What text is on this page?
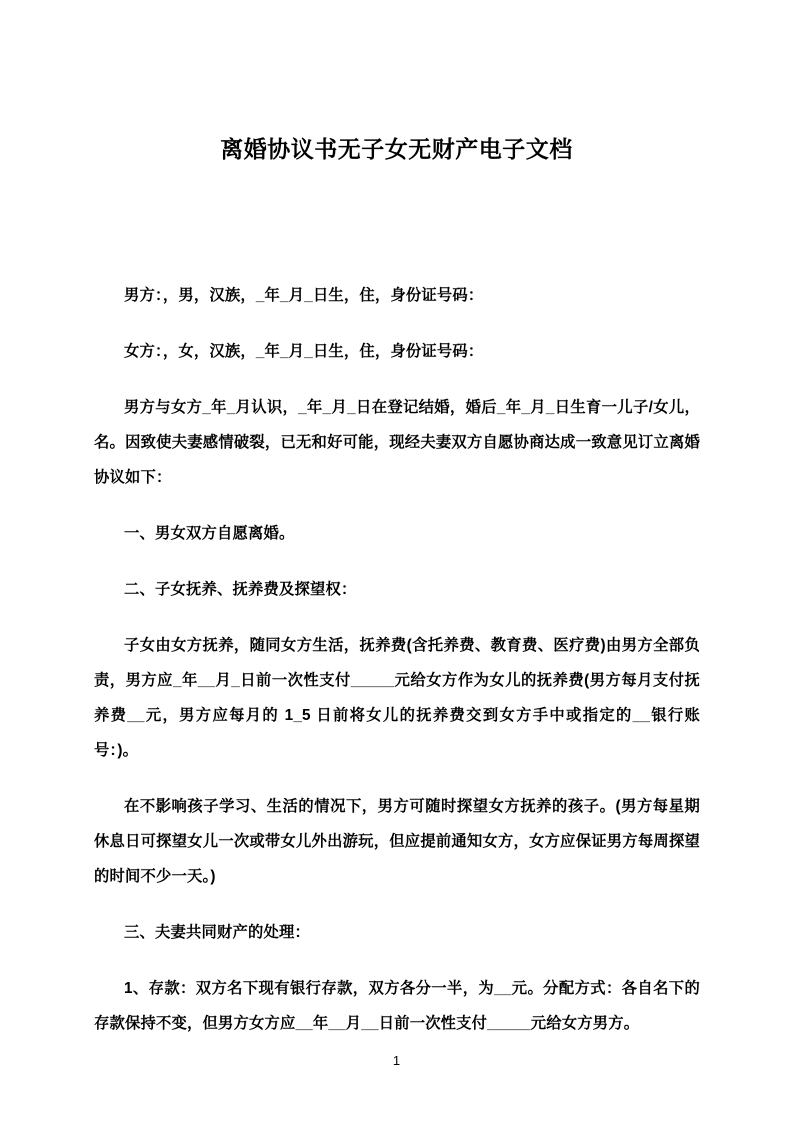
离婚协议书无子女无财产电子文档

男方：，男，汉族，_年_月_日生，住，身份证号码：

女方：，女，汉族，_年_月_日生，住，身份证号码：

男方与女方_年_月认识，_年_月_日在登记结婚，婚后_年_月_日生育一儿子/女儿，名。因致使夫妻感情破裂，已无和好可能，现经夫妻双方自愿协商达成一致意见订立离婚协议如下：

一、男女双方自愿离婚。

二、子女抚养、抚养费及探望权：

子女由女方抚养，随同女方生活，抚养费(含托养费、教育费、医疗费)由男方全部负责，男方应_年__月_日前一次性支付_____元给女方作为女儿的抚养费(男方每月支付抚养费__元，男方应每月的 1_5 日前将女儿的抚养费交到女方手中或指定的__银行账号：)。

在不影响孩子学习、生活的情况下，男方可随时探望女方抚养的孩子。(男方每星期休息日可探望女儿一次或带女儿外出游玩，但应提前通知女方，女方应保证男方每周探望的时间不少一天。)

三、夫妻共同财产的处理：

1、存款：双方名下现有银行存款，双方各分一半，为__元。分配方式：各自名下的存款保持不变，但男方女方应__年__月__日前一次性支付_____元给女方男方。

1
